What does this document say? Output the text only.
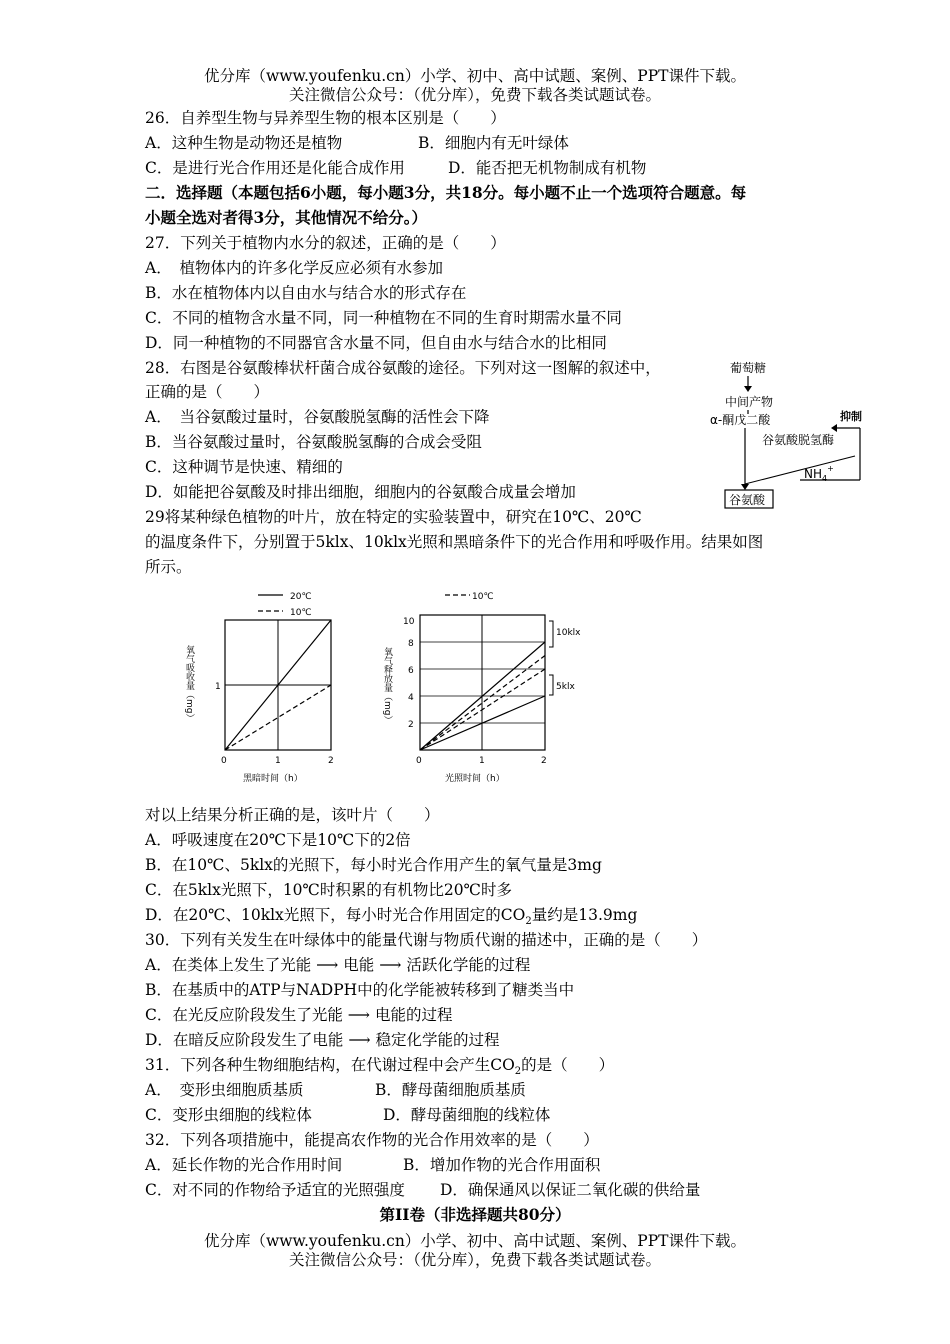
优分库（www.youfenku.cn）小学、初中、高中试题、案例、PPT课件下载。
关注微信公众号：（优分库），免费下载各类试题试卷。
26．自养型生物与异养型生物的根本区别是（　　）
A．这种生物是动物还是植物	B．细胞内有无叶绿体
C．是进行光合作用还是化能合成作用	D．能否把无机物制成有机物
二．选择题（本题包括6小题，每小题3分，共18分。每小题不止一个选项符合题意。每
小题全选对者得3分，其他情况不给分。）
27．下列关于植物内水分的叙述，正确的是（　　）
A．　植物体内的许多化学反应必须有水参加
B．水在植物体内以自由水与结合水的形式存在
C．不同的植物含水量不同，同一种植物在不同的生育时期需水量不同
D．同一种植物的不同器官含水量不同，但自由水与结合水的比相同
28．右图是谷氨酸棒状杆菌合成谷氨酸的途径。下列对这一图解的叙述中，
正确的是（　　）
A．　当谷氨酸过量时，谷氨酸脱氢酶的活性会下降
B．当谷氨酸过量时，谷氨酸脱氢酶的合成会受阻
C．这种调节是快速、精细的
D．如能把谷氨酸及时排出细胞，细胞内的谷氨酸合成量会增加
葡萄糖
中间产物
α-酮戊二酸	抑制
谷氨酸脱氢酶
$NH_4^+$
谷氨酸
29将某种绿色植物的叶片，放在特定的实验装置中，研究在10℃、20℃
的温度条件下，分别置于5klx、10klx光照和黑暗条件下的光合作用和呼吸作用。结果如图
所示。
20℃
10℃
氧气吸收量（mg） 1
0	1	2
黑暗时间（h）
10℃
氧气释放量（mg）
10klx
5klx
10
8
6
4
2
0	1	2
光照时间（h）
对以上结果分析正确的是，该叶片（　　）
A．呼吸速度在20℃下是10℃下的2倍
B．在10℃、5klx的光照下，每小时光合作用产生的氧气量是3mg
C．在5klx光照下，10℃时积累的有机物比20℃时多
D．在20℃、10klx光照下，每小时光合作用固定的$CO_2$量约是13.9mg
30．下列有关发生在叶绿体中的能量代谢与物质代谢的描述中，正确的是（　　）
A．在类体上发生了光能 ⟶ 电能 ⟶ 活跃化学能的过程
B．在基质中的ATP与NADPH中的化学能被转移到了糖类当中
C．在光反应阶段发生了光能 ⟶ 电能的过程
D．在暗反应阶段发生了电能 ⟶ 稳定化学能的过程
31．下列各种生物细胞结构，在代谢过程中会产生$CO_2$的是（　　）
A．　变形虫细胞质基质	B．酵母菌细胞质基质
C．变形虫细胞的线粒体	D．酵母菌细胞的线粒体
32．下列各项措施中，能提高农作物的光合作用效率的是（　　）
A．延长作物的光合作用时间	B．增加作物的光合作用面积
C．对不同的作物给予适宜的光照强度 D．确保通风以保证二氧化碳的供给量
第II卷（非选择题共80分）
优分库（www.youfenku.cn）小学、初中、高中试题、案例、PPT课件下载。
关注微信公众号：（优分库），免费下载各类试题试卷。
